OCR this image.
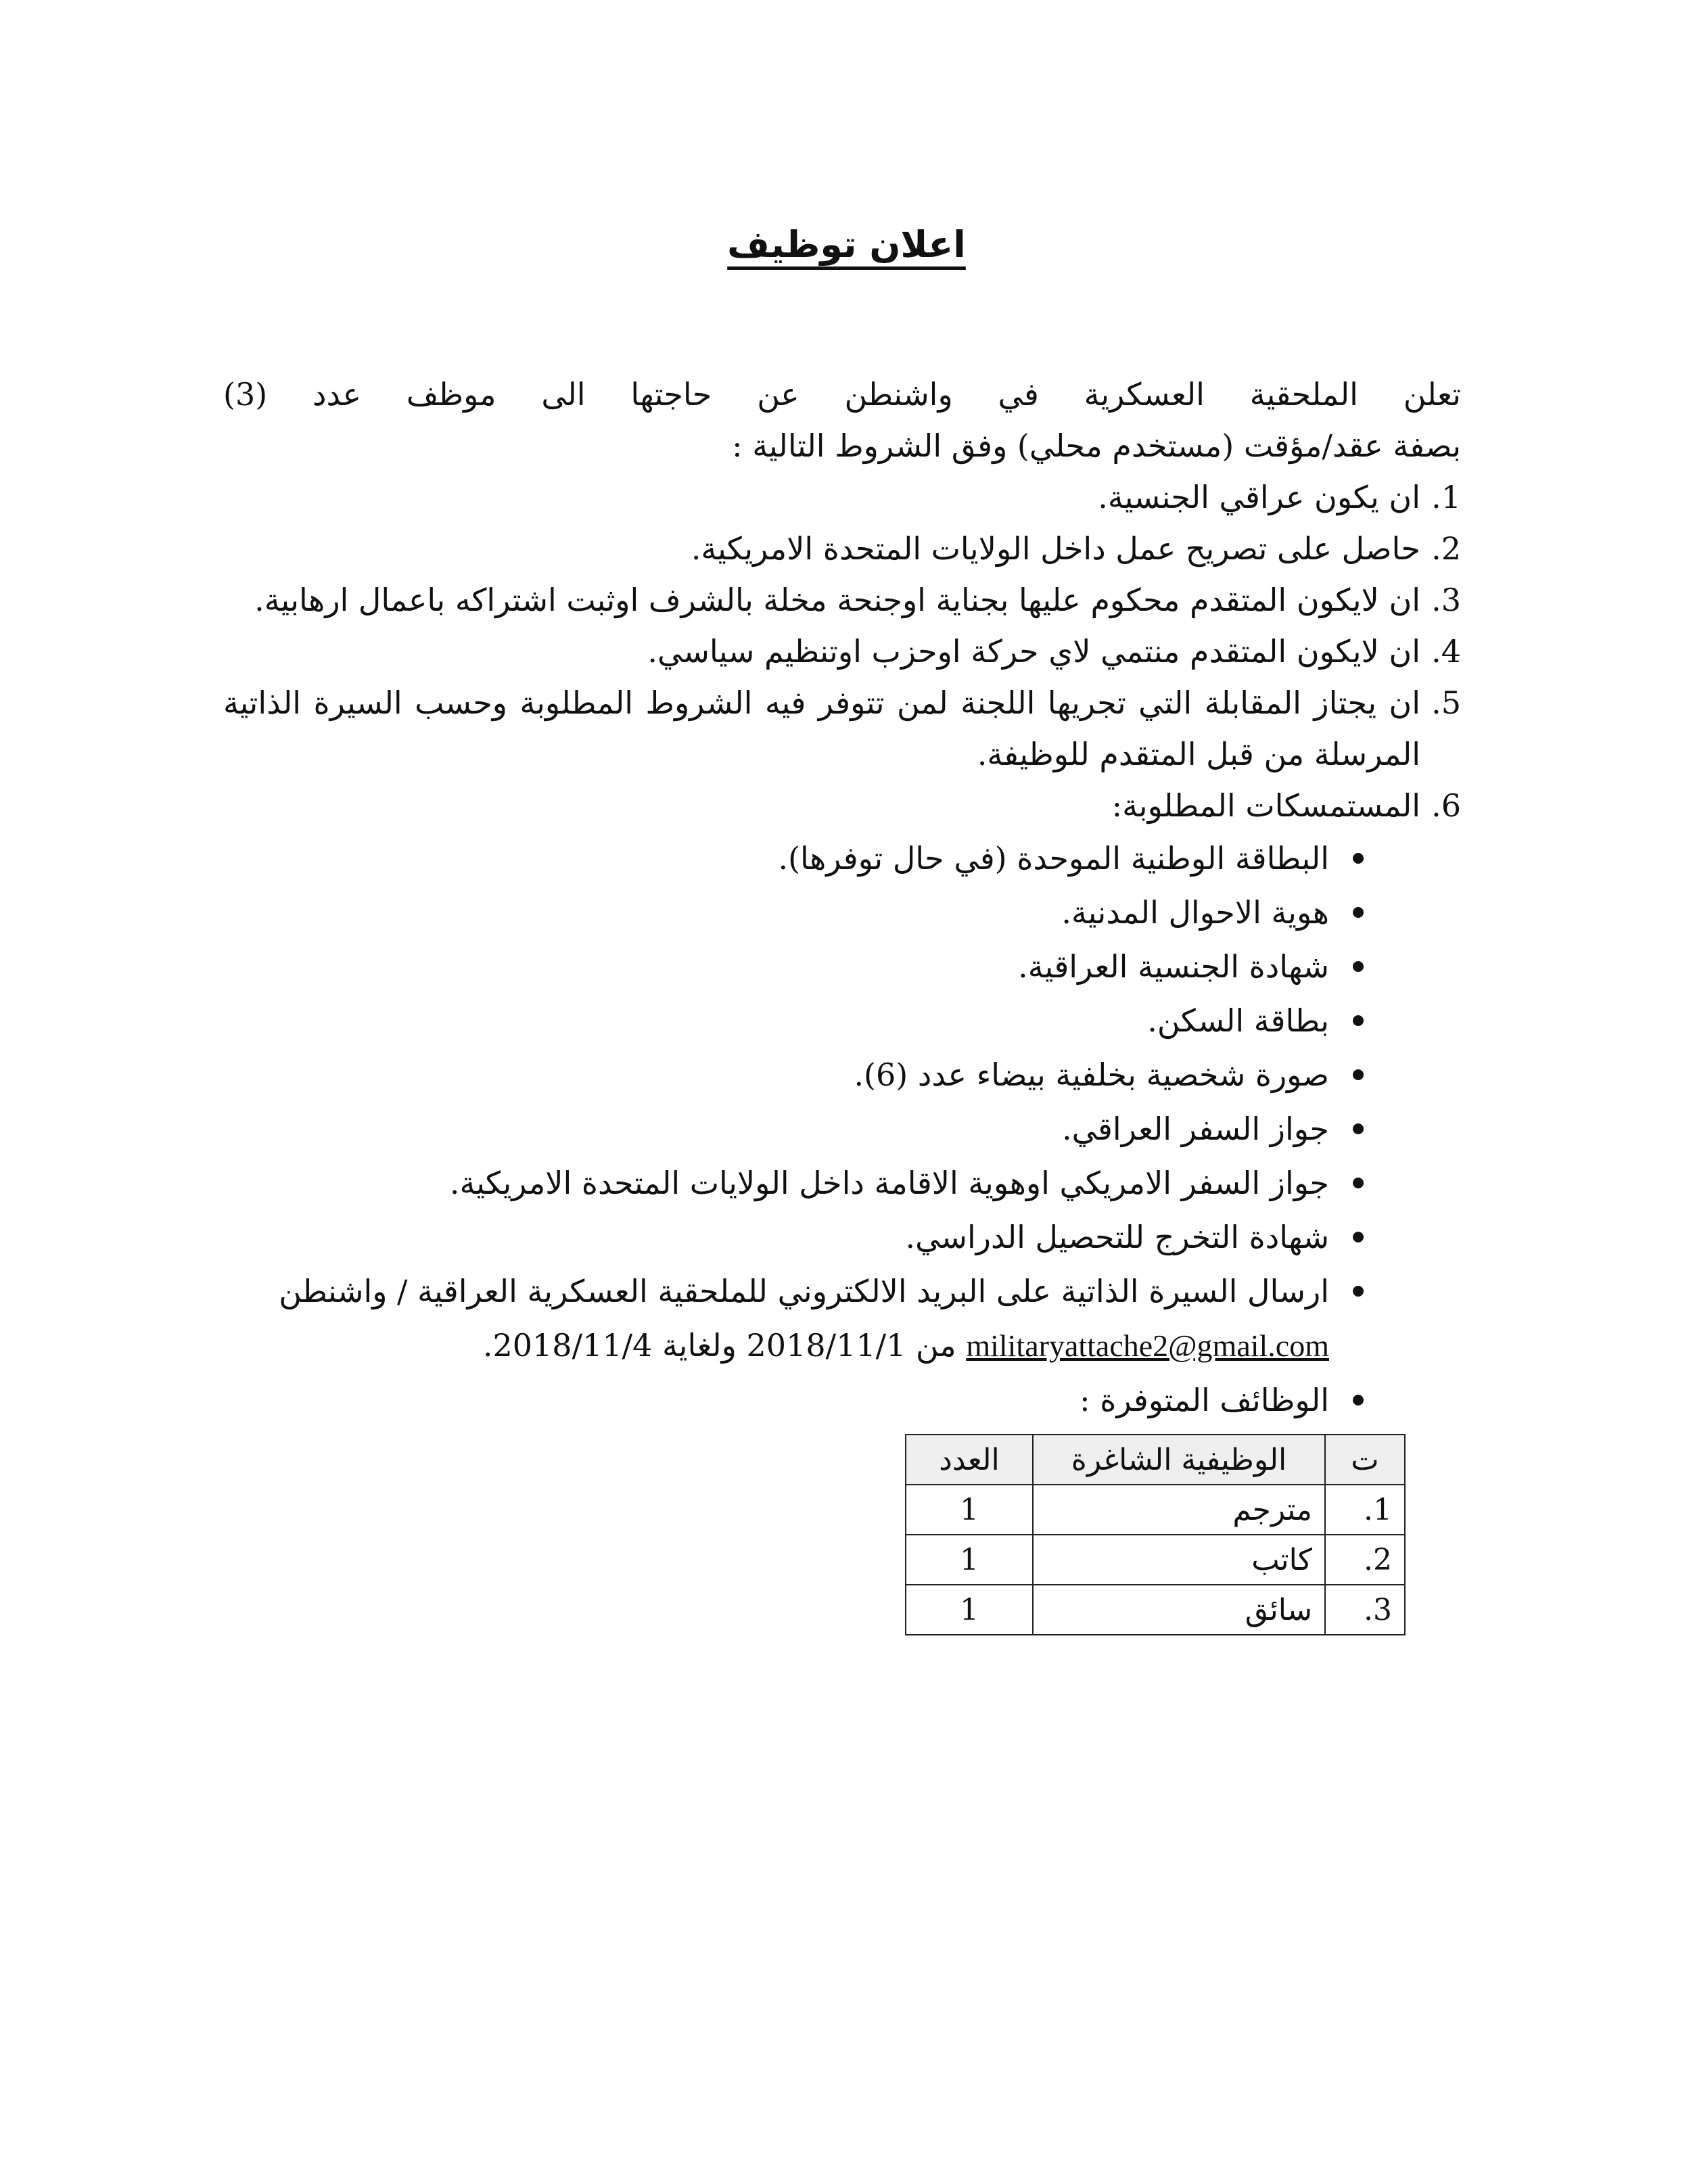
اعلان توظيف
تعلن الملحقية العسكرية في واشنطن عن حاجتها الى موظف عدد (3)
بصفة عقد/مؤقت (مستخدم محلي) وفق الشروط التالية :
1.
ان يكون عراقي الجنسية.
2.
حاصل على تصريح عمل داخل الولايات المتحدة الامريكية.
3.
ان لايكون المتقدم محكوم عليها بجناية اوجنحة مخلة بالشرف اوثبت اشتراكه باعمال ارهابية.
4.
ان لايكون المتقدم منتمي لاي حركة اوحزب اوتنظيم سياسي.
5.
ان يجتاز المقابلة التي تجريها اللجنة لمن تتوفر فيه الشروط المطلوبة وحسب السيرة الذاتية المرسلة من قبل المتقدم للوظيفة.
6.
المستمسكات المطلوبة:
البطاقة الوطنية الموحدة (في حال توفرها).
هوية الاحوال المدنية.
شهادة الجنسية العراقية.
بطاقة السكن.
صورة شخصية بخلفية بيضاء عدد (6).
جواز السفر العراقي.
جواز السفر الامريكي اوهوية الاقامة داخل الولايات المتحدة الامريكية.
شهادة التخرج للتحصيل الدراسي.
ارسال السيرة الذاتية على البريد الالكتروني للملحقية العسكرية العراقية / واشنطن
militaryattache2@gmail.com من 2018/11/1 ولغاية 2018/11/4.
الوظائف المتوفرة :
ت	الوظيفية الشاغرة	العدد
1.	مترجم	1
2.	كاتب	1
3.	سائق	1
